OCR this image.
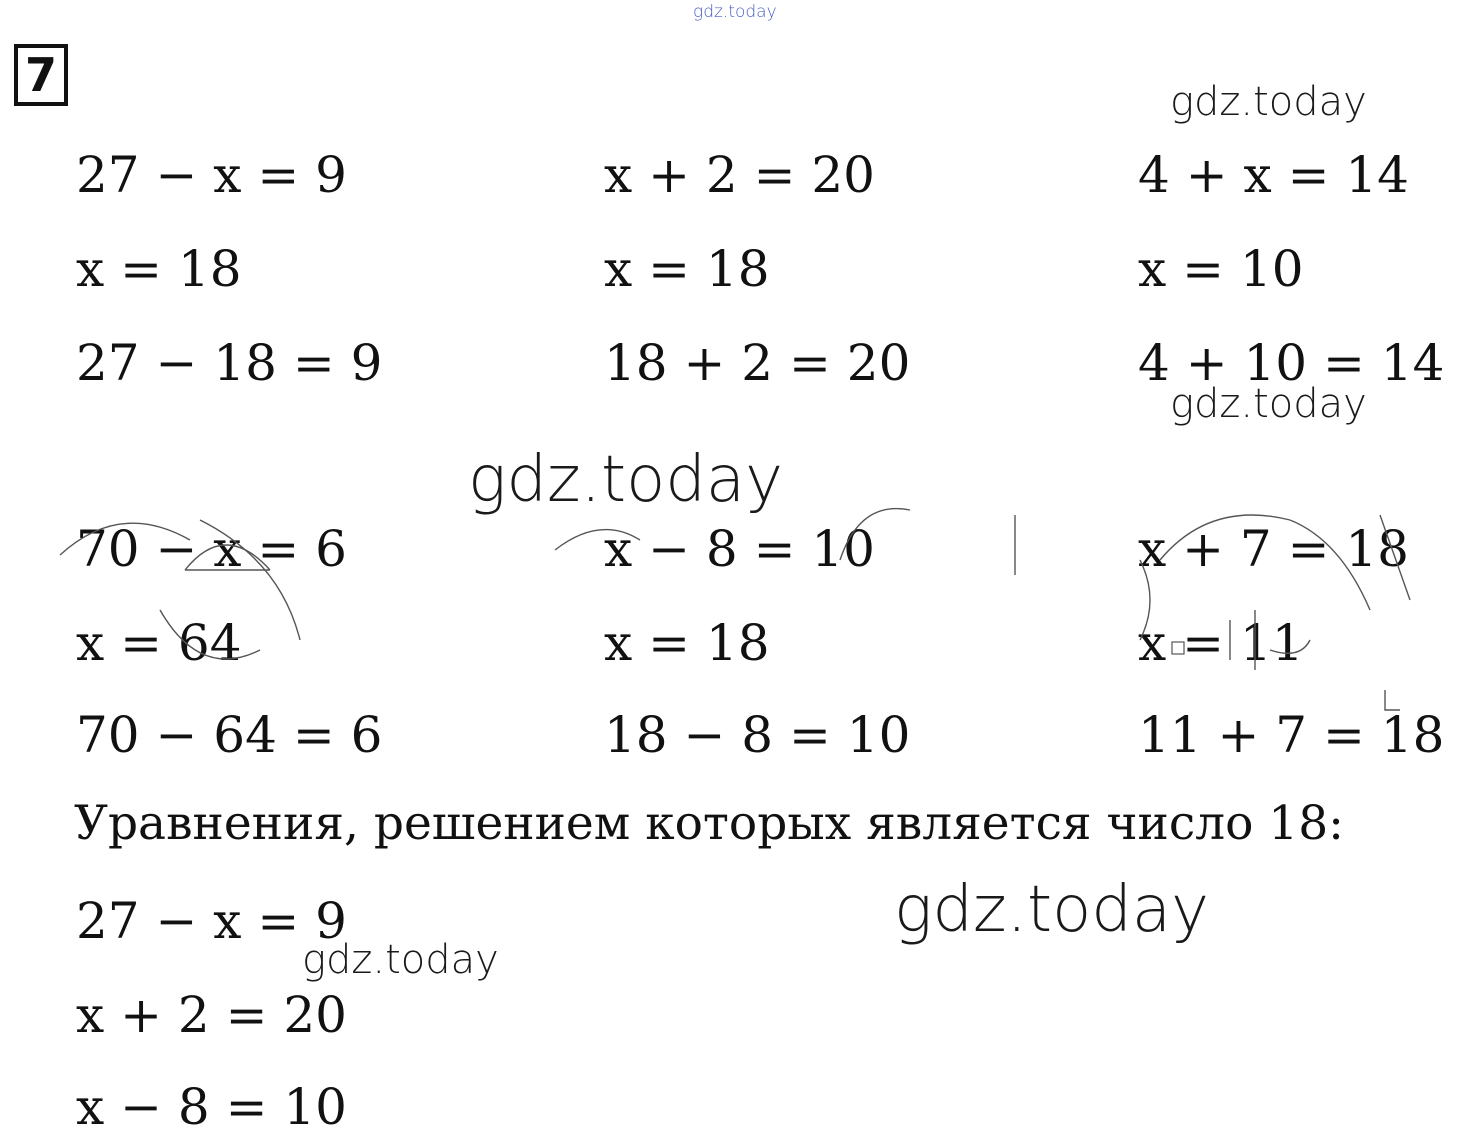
gdz.today
gdz.today
gdz.today
gdz.today
gdz.today
gdz.today
7
27 − x = 9
x = 18
27 − 18 = 9
x + 2 = 20
x = 18
18 + 2 = 20
4 + x = 14
x = 10
4 + 10 = 14
70 − x = 6
x = 64
70 − 64 = 6
x − 8 = 10
x = 18
18 − 8 = 10
x + 7 = 18
x = 11
11 + 7 = 18
Уравнения, решением которых является число 18:
27 − x = 9
x + 2 = 20
x − 8 = 10
